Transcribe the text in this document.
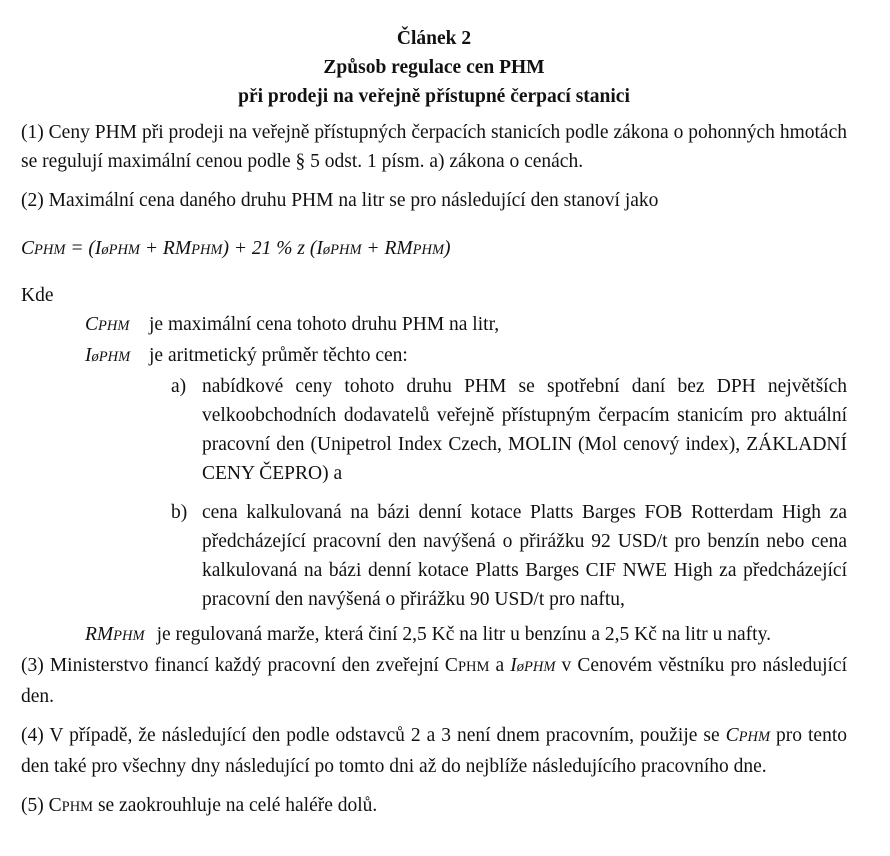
Článek 2
Způsob regulace cen PHM
při prodeji na veřejně přístupné čerpací stanici
(1) Ceny PHM při prodeji na veřejně přístupných čerpacích stanicích podle zákona o pohonných hmotách se regulují maximální cenou podle § 5 odst. 1 písm. a) zákona o cenách.
(2) Maximální cena daného druhu PHM na litr se pro následující den stanoví jako
CPHM = (IøPHM + RMPHM) + 21 % z (IøPHM + RMPHM)
Kde
CPHM	je maximální cena tohoto druhu PHM na litr,
IøPHM je aritmetický průměr těchto cen:
a) nabídkové ceny tohoto druhu PHM se spotřební daní bez DPH největších velkoobchodních dodavatelů veřejně přístupným čerpacím stanicím pro aktuální pracovní den (Unipetrol Index Czech, MOLIN (Mol cenový index), ZÁKLADNÍ CENY ČEPRO) a
b) cena kalkulovaná na bázi denní kotace Platts Barges FOB Rotterdam High za předcházející pracovní den navýšená o přirážku 92 USD/t pro benzín nebo cena kalkulovaná na bázi denní kotace Platts Barges CIF NWE High za předcházející pracovní den navýšená o přirážku 90 USD/t pro naftu,
RMPHM je regulovaná marže, která činí 2,5 Kč na litr u benzínu a 2,5 Kč na litr u nafty.
(3) Ministerstvo financí každý pracovní den zveřejní CPHM a IøPHM v Cenovém věstníku pro následující den.
(4) V případě, že následující den podle odstavců 2 a 3 není dnem pracovním, použije se CPHM pro tento den také pro všechny dny následující po tomto dni až do nejblíže následujícího pracovního dne.
(5) CPHM se zaokrouhluje na celé haléře dolů.
